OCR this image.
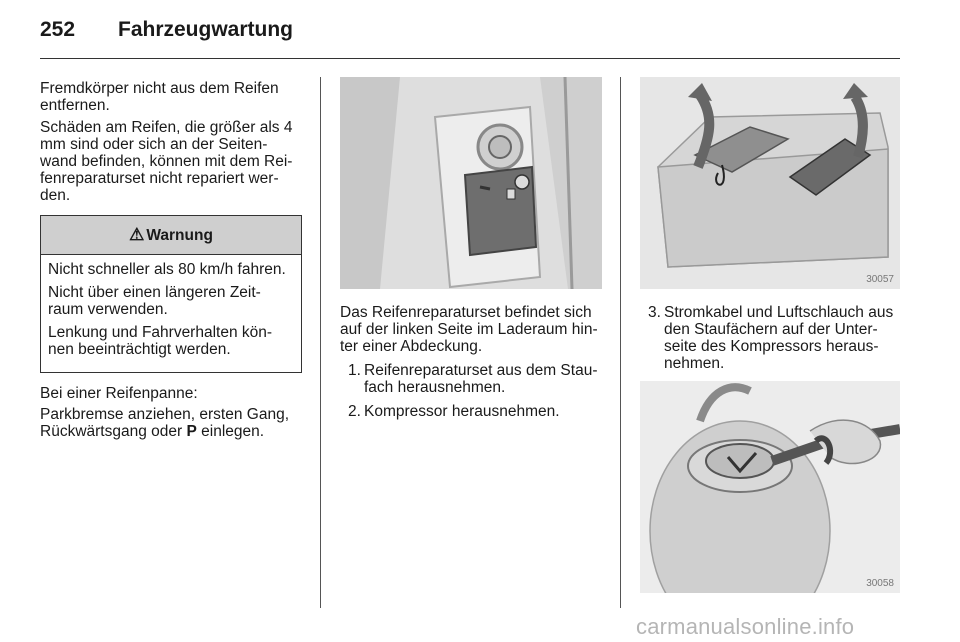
252 Fahrzeugwartung
Fremdkörper nicht aus dem Reifen entfernen.
Schäden am Reifen, die größer als 4 mm sind oder sich an der Seiten-wand befinden, können mit dem Rei-fenreparaturset nicht repariert wer-den.
⚠ Warnung

Nicht schneller als 80 km/h fahren.

Nicht über einen längeren Zeit-raum verwenden.

Lenkung und Fahrverhalten kön-nen beeinträchtigt werden.

Bei einer Reifenpanne:
Parkbremse anziehen, ersten Gang, Rückwärtsgang oder P einlegen.
Das Reifenreparaturset befindet sich auf der linken Seite im Laderaum hin-ter einer Abdeckung.
1. Reifenreparaturset aus dem Stau-fach herausnehmen.
2. Kompressor herausnehmen.
30057
3. Stromkabel und Luftschlauch aus den Staufächern auf der Unter-seite des Kompressors heraus-nehmen.
30058
carmanualsonline.info
